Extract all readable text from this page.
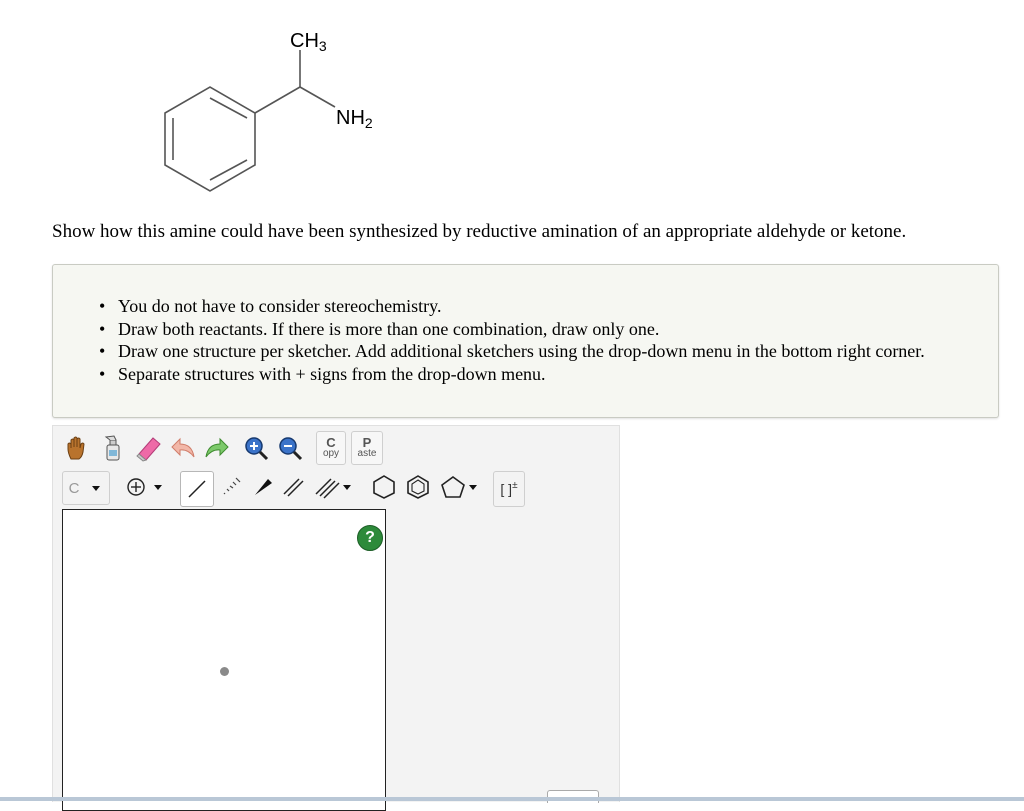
$CH_3$
$NH_2$
Show how this amine could have been synthesized by reductive amination of an appropriate aldehyde or ketone.
• You do not have to consider stereochemistry.
• Draw both reactants. If there is more than one combination, draw only one.
• Draw one structure per sketcher. Add additional sketchers using the drop-down menu in the bottom right corner.
• Separate structures with + signs from the drop-down menu.
C
opy
P
aste
C	[ ] ±
?
